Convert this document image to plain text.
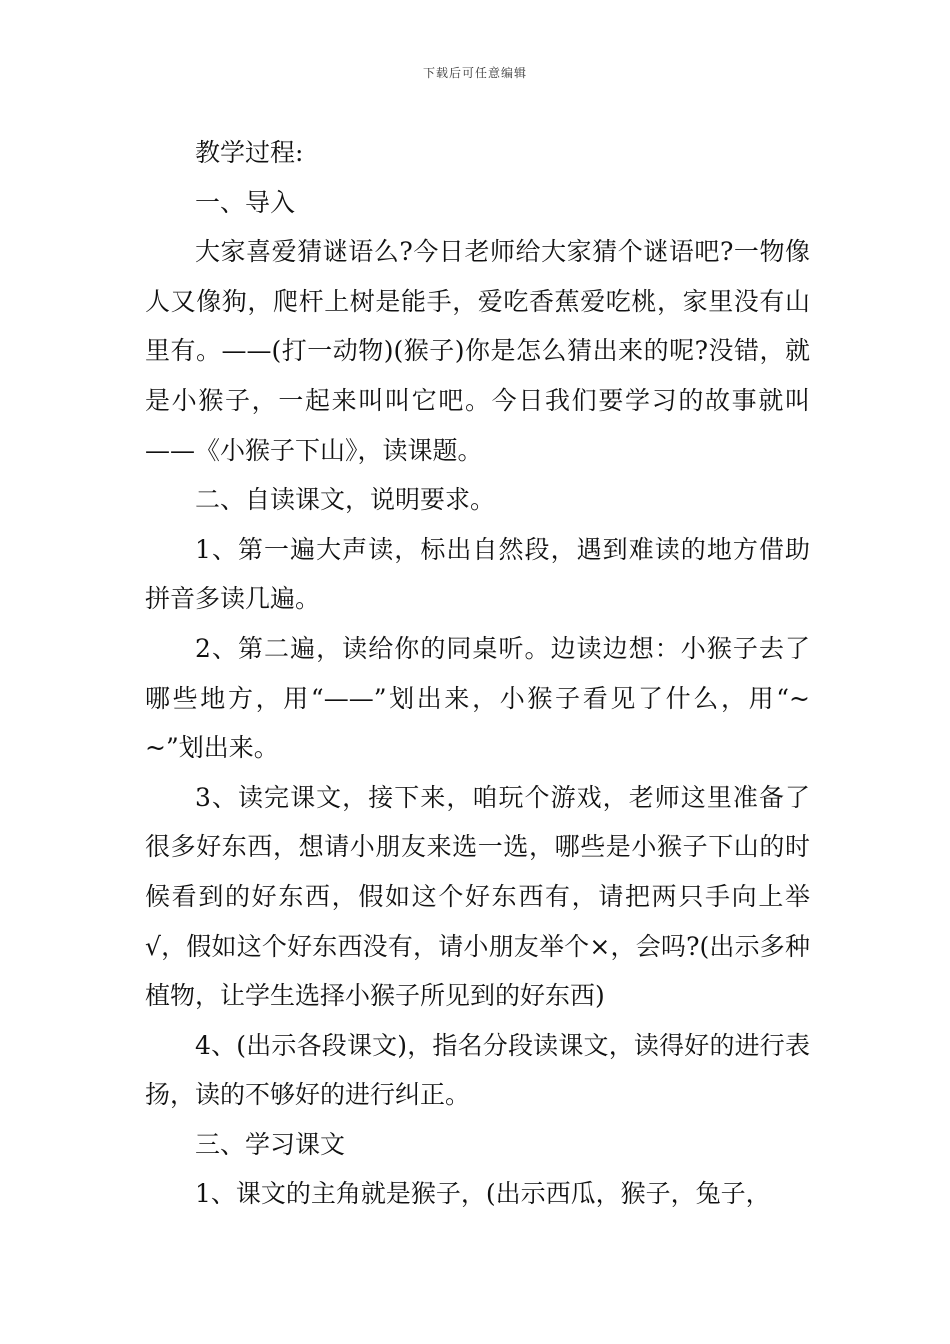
下载后可任意编辑

教学过程:

一、导入

大家喜爱猜谜语么?今日老师给大家猜个谜语吧?一物像人又像狗，爬杆上树是能手，爱吃香蕉爱吃桃，家里没有山里有。——(打一动物)(猴子)你是怎么猜出来的呢?没错，就是小猴子，一起来叫叫它吧。今日我们要学习的故事就叫——《小猴子下山》，读课题。

二、自读课文，说明要求。

1、第一遍大声读，标出自然段，遇到难读的地方借助拼音多读几遍。

2、第二遍，读给你的同桌听。边读边想：小猴子去了哪些地方，用“——”划出来，小猴子看见了什么，用“~~”划出来。

3、读完课文，接下来，咱玩个游戏，老师这里准备了很多好东西，想请小朋友来选一选，哪些是小猴子下山的时候看到的好东西，假如这个好东西有，请把两只手向上举√，假如这个好东西没有，请小朋友举个×，会吗?(出示多种植物，让学生选择小猴子所见到的好东西)

4、(出示各段课文)，指名分段读课文，读得好的进行表扬，读的不够好的进行纠正。

三、学习课文

1、课文的主角就是猴子，(出示西瓜，猴子，兔子，
